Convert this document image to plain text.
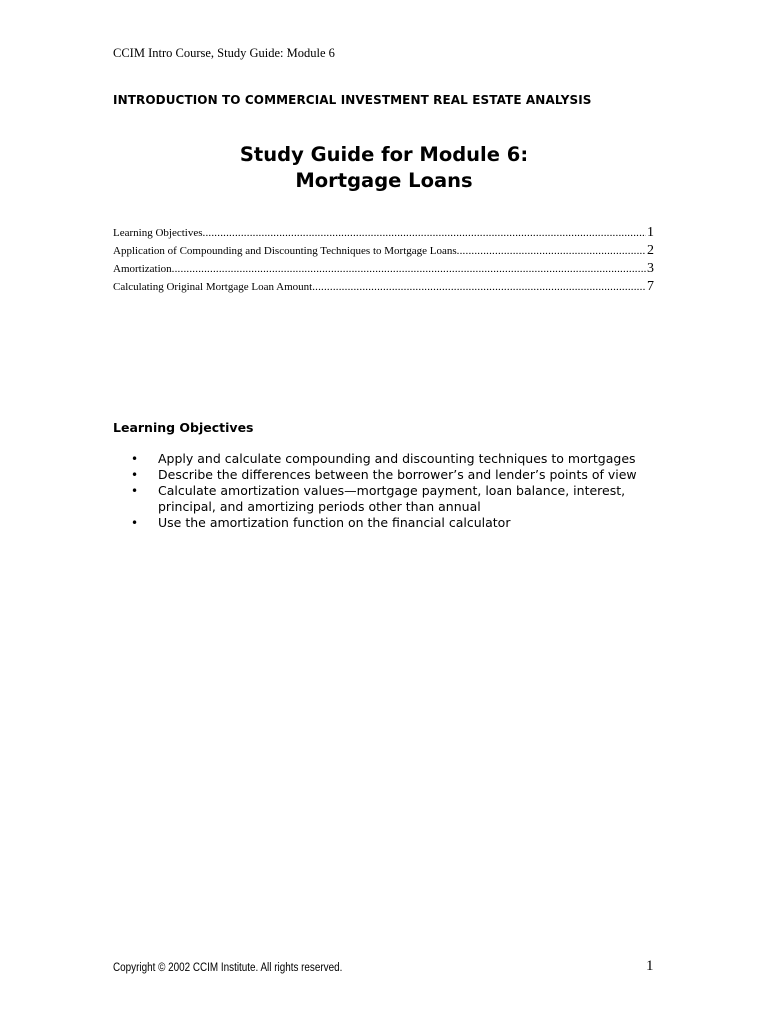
CCIM Intro Course, Study Guide: Module 6
INTRODUCTION TO COMMERCIAL INVESTMENT REAL ESTATE ANALYSIS
Study Guide for Module 6:
Mortgage Loans
Learning Objectives .....	1
Application of Compounding and Discounting Techniques to Mortgage Loans .....	2
Amortization .....	3
Calculating Original Mortgage Loan Amount .....	7
Learning Objectives
• Apply and calculate compounding and discounting techniques to mortgages
• Describe the differences between the borrower’s and lender’s points of view
• Calculate amortization values—mortgage payment, loan balance, interest, principal, and amortizing periods other than annual
• Use the amortization function on the financial calculator
Copyright © 2002 CCIM Institute. All rights reserved.	1
